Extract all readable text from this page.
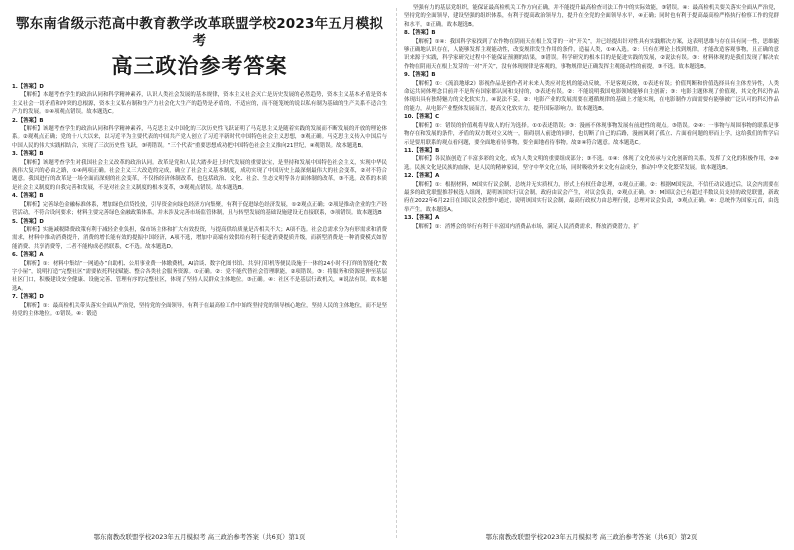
鄂东南省级示范高中教育教学改革联盟学校2023年五月模拟考
高三政治参考答案
1.【答案】D
【解析】本题考查学生的政治认同和科学精神素养，认识人类社会发展的基本规律，资本主义社会灭亡是历史发展的必然趋势，资本主义基本矛盾是资本主义社会一切矛盾和冲突的总根源，资本主义私有制和生产力社会化大生产的趋势是矛盾的，不适应的，而不能笼统的说以私有制为基础的生产关系不适合生产力的发展。①④项观点错误。故本题选C。
2.【答案】B
【解析】该题考查学生的政治认同和科学精神素养，马克思主义中国化的三次历史性飞跃证明了马克思主义是随着实践的发展而不断发展的开放的理论体系。②观观点正确；党的十八大以来，以习近平为主要代表的中国共产党人创立了习近平新时代中国特色社会主义思想，③观正确。马克思主义传入中国后与中国人民的伟大实践相结合，实现了三次历史性飞跃，③明错误。“三个代表”重要思想成功把中国特色社会主义推向21世纪，④观错误。故本题选B。
3.【答案】B
【解析】该题考查学生对我国社会主义改革的政治认同。改革是党和人民大踏步赶上时代发展的重要法宝，是坚持和发展中国特色社会主义，实现中华民族伟大复兴的必由之路，①④两项正确。社会主义三大改造的完成，确立了社会主义基本制度，成功实现了中国历史上最深刻最伟大的社会变革，②对不符合题意。我国进行的改革是一场全面而深刻的社会变革，不仅指经济体制改革，也包括政治、文化、社会、生态文明等各方面体制的改革，③不选。改革的本质是社会主义制度的自我完善和发展，不是对社会主义制度的根本变革，③观观点错误。故本题选B。
4.【答案】B
【解析】完善绿色金融标准体系，增加绿色信贷投放，引导资金向绿色经济方向集聚，有利于促进绿色经济发展，①②观点正确；②项是推动企业的生产经营活动，不符合设问要求；材料主要完善绿色金融政策体系，并未涉及完善市场监管体制，且与转型发展的基础设施建设无直接联系，③项错误。故本题选B
5.【答案】D
【解析】实施减税降费政策有利于减轻企业负担，保市场主体和扩大有效投资，与提高供给质量是否相关不大；A项不选。社会总需求分为有形需求和消费需求，材料中推动消费提升，消费的增长能有效的提振中国经济，A项不选，增加中高端有效供给有利于促进消费提质升级，而新型消费是一种消费模式如智能消费、共享消费等，二者不能构成必然联系，C不选。故本题选D。
6.【答案】A
【解析】①：材料中集结“一网通办”自助机、公用事业费一体缴费机，AI洽谈、数字化图书馆、共享打印机等便民设施于一体的24小时不打烊的智能化“数字小屋”，说明打造“完整社区”需要依托科技赋能、整合各类社会服务资源。①正确。②：党不能代替社会管理职能，②项错误。③：将服务和资源延伸至基层社区门口，积极建设安全健康、设施完善、管理有序的完整社区，体现了坚持人民群众主体地位。③正确。④：社区不是基层行政机关，④说法有误。故本题选A。
7.【答案】D
【解析】①：最高检机关带头落实全面从严治党，坚持党的全面领导，有利于在最高检工作中始终坚持党的领导核心地位，坚持人民的主体地位，而不是坚持党的主体地位。①错误。④：锻造
鄂东南教改联盟学校2023年五月模拟考 高三政治参考答案（共6页）第1页
坚强有力的基层党组织，能保证最高检机关工作方向正确，并不能提升最高检查司法工作中的实际效能，③错误。④：最高检机关要关落实全面从严治党，坚持党的全面领导，建设坚强的组织体系，有利于提高政治领导力，提升在全党的全面领导水平，④正确；同时也有利于提高最高检严格执行检察工作的党群和水平，②正确。故本题选B。
8.【答案】B
【解析】①④：我国科学家找到了农作物在阴雨天在根上发芽的一对“开关”，并已经提出针对性具有实践解决方案，这表明思维与存在具有同一性，思维能够正确地认识存在，人能够发挥主观能动性，改变规律发生作用的条件，造福人类，①④入选。②：只有在理论上找到规律，才能改造客观事物，且正确的意识来源于实践，科学家研究过程中不能保证预测的结果，③错误。科学研究的根本目的是促进实践的发展，②说法有误。③：材料体现的是我们发现了解决农作物在阴雨天在根上发芽的一对“开关”，没有体现规律是客观的，事物规律是正确发挥主观能动性的前提，③不选。故本题选B。
9.【答案】B
【解析】①：《流浪地球2》影视作品是创作者对未来人类应对危机的能动反映，不是客观反映，①表述有误；价值判断和价值选择具有主体差异性，人类命运共同体理念目前并不是所有国家都认同和支持的，③表述有误。②：不能说明我国电影领域能够自主创新；③：电影主题体现了价值观，其文化科幻作品体现出具有独特魅力的文化软实力。④说法不妥。②：电影产业的发展需要在遵循规律的基础上才能实现，在电影制作方面需要有能够被广泛认可的科幻作品的能力，从电影产业整体发展而言，提高文化软实力，提升国际影响力。故本题选B。
10.【答案】C
【解析】①：错误的价值观将导致人的行为选择。①①表述错误；③：漫画不体现事物发展有前进性的观点。③错误。②④：一事物与周围事物的联系是事物存在和发展的条件，矛盾的双方既对立又统一，阻碍别人前进的同时，也切断了自己的后路，漫画讽刺了孤立、片面看问题的形而上学，这给我们的哲学启示是要用联系的观点看问题，要全面地看待事物，要全面地看待事物。故②④符合题意。故本题选C。
11.【答案】B
【解析】各民族创造了丰富多彩的文化，成为人类文明的重要组成部分；③不选。①④：体现了文化传承与文化创新的关系，发挥了文化的积极作用，②④选。民族文化是民族的血脉，是人民的精神家园，坚守中华文化立场，同时吸收外来文化有益成分，推动中华文化繁荣发展。故本题选B。
12.【答案】A
【解析】①：根据材料，M国实行议会制，总统并无实质权力，形式上有权任命总理，①观点正确。②：根据M国宪法，不信任动议通过后，议会内需要在最多的政党联盟推荐候选人组阁，说明该国实行议会制，政府由议会产生，对议会负责，②观点正确。③：M国议会已有超过半数议员支持的政党联盟，新政府在2022年6月22日在国民议会投票中通过，说明该国实行议会制，最高行政权力由总理行使，总理对议会负责，③观点正确。④：总统作为国家元首，由选举产生。故本题选A。
13.【答案】A
【解析】①：消博会的举行有利于丰富国内消费品市场，满足人民消费需求，释放消费潜力，扩
鄂东南教改联盟学校2023年五月模拟考 高三政治参考答案（共6页）第2页
